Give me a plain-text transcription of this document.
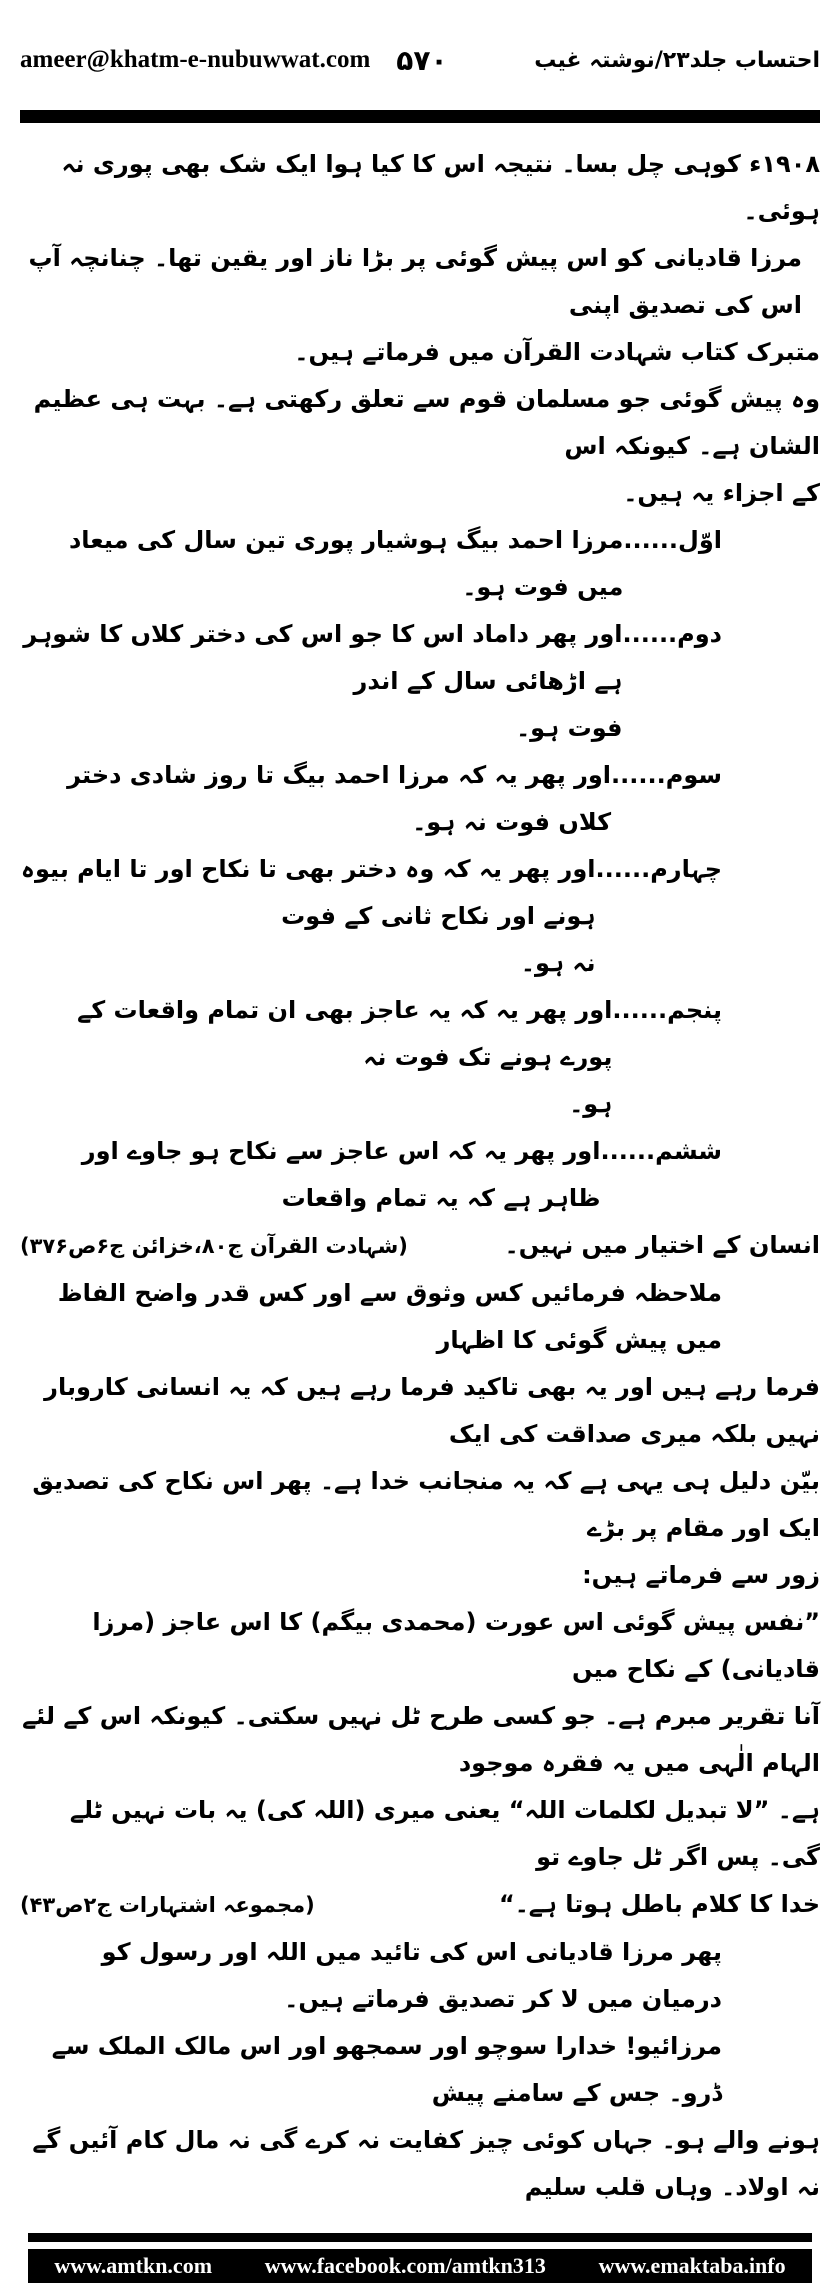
ameer@khatm-e-nubuwwat.com ۵۷۰	احتساب جلد۲۳/نوشتہ غیب
۱۹۰۸ء کوہی چل بسا۔ نتیجہ اس کا کیا ہوا ایک شک بھی پوری نہ ہوئی۔
مرزا قادیانی کو اس پیش گوئی پر بڑا ناز اور یقین تھا۔ چنانچہ آپ اس کی تصدیق اپنی
متبرک کتاب شہادت القرآن میں فرماتے ہیں۔
وہ پیش گوئی جو مسلمان قوم سے تعلق رکھتی ہے۔ بہت ہی عظیم الشان ہے۔ کیونکہ اس
کے اجزاء یہ ہیں۔
اوّل......
مرزا احمد بیگ ہوشیار پوری تین سال کی میعاد میں فوت ہو۔
دوم......
اور پھر داماد اس کا جو اس کی دختر کلاں کا شوہر ہے اڑھائی سال کے اندر
فوت ہو۔
سوم......
اور پھر یہ کہ مرزا احمد بیگ تا روز شادی دختر کلاں فوت نہ ہو۔
چہارم......
اور پھر یہ کہ وہ دختر بھی تا نکاح اور تا ایام بیوہ ہونے اور نکاح ثانی کے فوت
نہ ہو۔
پنجم......
اور پھر یہ کہ یہ عاجز بھی ان تمام واقعات کے پورے ہونے تک فوت نہ
ہو۔
ششم......
اور پھر یہ کہ اس عاجز سے نکاح ہو جاوے اور ظاہر ہے کہ یہ تمام واقعات
انسان کے اختیار میں نہیں۔
(شہادت القرآن ج۸۰،خزائن ج۶ص۳۷۶)
ملاحظہ فرمائیں کس وثوق سے اور کس قدر واضح الفاظ میں پیش گوئی کا اظہار
فرما رہے ہیں اور یہ بھی تاکید فرما رہے ہیں کہ یہ انسانی کاروبار نہیں بلکہ میری صداقت کی ایک
بیّن دلیل ہی یہی ہے کہ یہ منجانب خدا ہے۔ پھر اس نکاح کی تصدیق ایک اور مقام پر بڑے
زور سے فرماتے ہیں:
”نفس پیش گوئی اس عورت (محمدی بیگم) کا اس عاجز (مرزا قادیانی) کے نکاح میں
آنا تقریر مبرم ہے۔ جو کسی طرح ٹل نہیں سکتی۔ کیونکہ اس کے لئے الہام الٰہی میں یہ فقرہ موجود
ہے۔ ”لا تبدیل لکلمات اللہ“ یعنی میری (اللہ کی) یہ بات نہیں ٹلے گی۔ پس اگر ٹل جاوے تو
خدا کا کلام باطل ہوتا ہے۔“
(مجموعہ اشتہارات ج۲ص۴۳)
پھر مرزا قادیانی اس کی تائید میں اللہ اور رسول کو درمیان میں لا کر تصدیق فرماتے ہیں۔
مرزائیو! خدارا سوچو اور سمجھو اور اس مالک الملک سے ڈرو۔ جس کے سامنے پیش
ہونے والے ہو۔ جہاں کوئی چیز کفایت نہ کرے گی نہ مال کام آئیں گے نہ اولاد۔ وہاں قلب سلیم
www.amtkn.com www.facebook.com/amtkn313 www.emaktaba.info
